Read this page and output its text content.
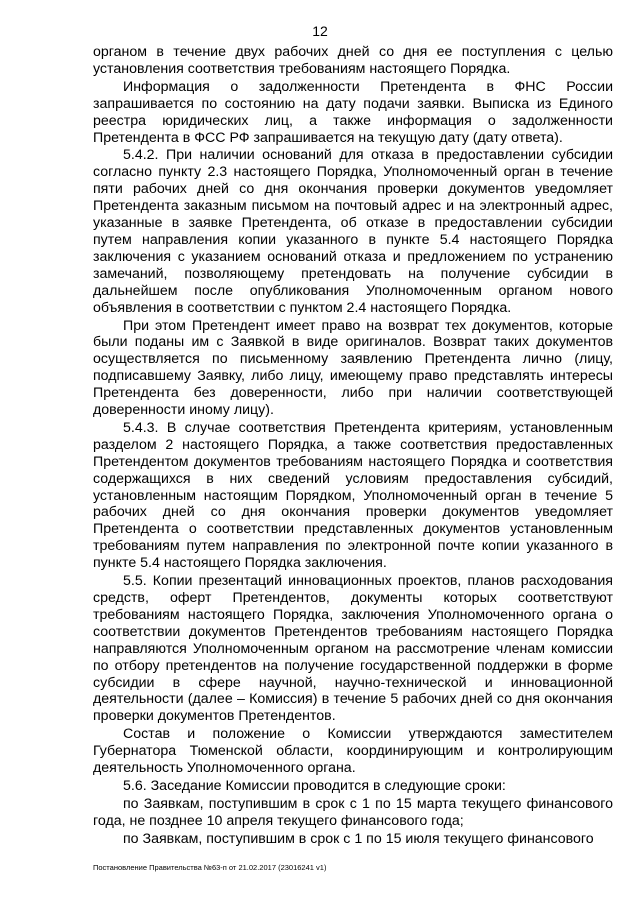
12

органом в течение двух рабочих дней со дня ее поступления с целью установления соответствия требованиям настоящего Порядка.

Информация о задолженности Претендента в ФНС России запрашивается по состоянию на дату подачи заявки. Выписка из Единого реестра юридических лиц, а также информация о задолженности Претендента в ФСС РФ запрашивается на текущую дату (дату ответа).

5.4.2. При наличии оснований для отказа в предоставлении субсидии согласно пункту 2.3 настоящего Порядка, Уполномоченный орган в течение пяти рабочих дней со дня окончания проверки документов уведомляет Претендента заказным письмом на почтовый адрес и на электронный адрес, указанные в заявке Претендента, об отказе в предоставлении субсидии путем направления копии указанного в пункте 5.4 настоящего Порядка заключения с указанием оснований отказа и предложением по устранению замечаний, позволяющему претендовать на получение субсидии в дальнейшем после опубликования Уполномоченным органом нового объявления в соответствии с пунктом 2.4 настоящего Порядка.

При этом Претендент имеет право на возврат тех документов, которые были поданы им с Заявкой в виде оригиналов. Возврат таких документов осуществляется по письменному заявлению Претендента лично (лицу, подписавшему Заявку, либо лицу, имеющему право представлять интересы Претендента без доверенности, либо при наличии соответствующей доверенности иному лицу).

5.4.3. В случае соответствия Претендента критериям, установленным разделом 2 настоящего Порядка, а также соответствия предоставленных Претендентом документов требованиям настоящего Порядка и соответствия содержащихся в них сведений условиям предоставления субсидий, установленным настоящим Порядком, Уполномоченный орган в течение 5 рабочих дней со дня окончания проверки документов уведомляет Претендента о соответствии представленных документов установленным требованиям путем направления по электронной почте копии указанного в пункте 5.4 настоящего Порядка заключения.

5.5. Копии презентаций инновационных проектов, планов расходования средств, оферт Претендентов, документы которых соответствуют требованиям настоящего Порядка, заключения Уполномоченного органа о соответствии документов Претендентов требованиям настоящего Порядка направляются Уполномоченным органом на рассмотрение членам комиссии по отбору претендентов на получение государственной поддержки в форме субсидии в сфере научной, научно-технической и инновационной деятельности (далее – Комиссия) в течение 5 рабочих дней со дня окончания проверки документов Претендентов.

Состав и положение о Комиссии утверждаются заместителем Губернатора Тюменской области, координирующим и контролирующим деятельность Уполномоченного органа.

5.6. Заседание Комиссии проводится в следующие сроки:

по Заявкам, поступившим в срок с 1 по 15 марта текущего финансового года, не позднее 10 апреля текущего финансового года;

по Заявкам, поступившим в срок с 1 по 15 июля текущего финансового

Постановление Правительства №63-п от 21.02.2017 (23016241 v1)
